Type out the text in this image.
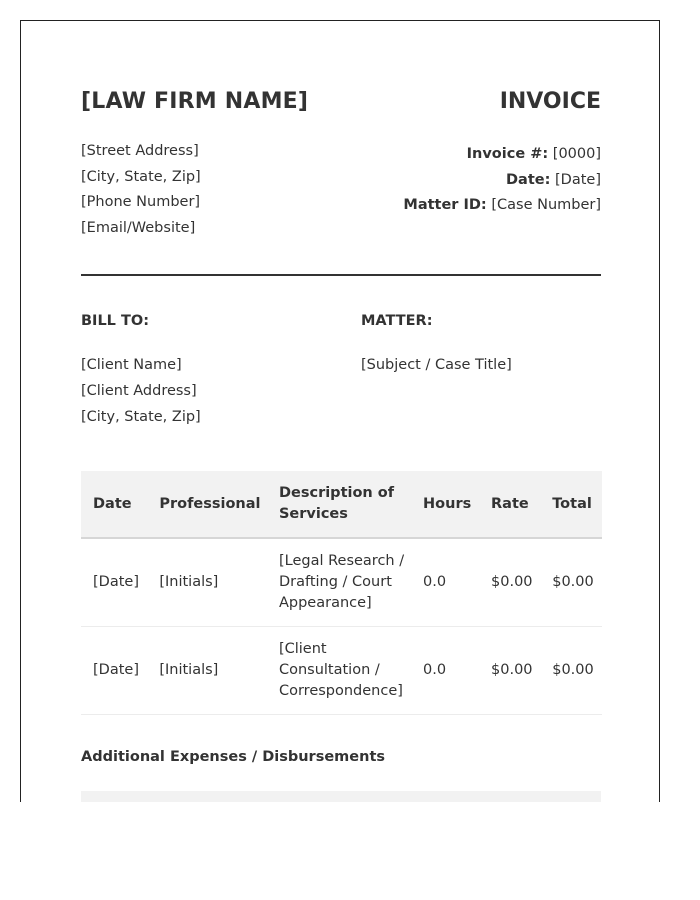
[LAW FIRM NAME]	INVOICE
[Street Address]
[City, State, Zip]
[Phone Number]
[Email/Website]
Invoice #: [0000]
Date: [Date]
Matter ID: [Case Number]
BILL TO:
[Client Name]
[Client Address]
[City, State, Zip]
MATTER:
[Subject / Case Title]
Date	Professional	Description of Services	Hours	Rate	Total
[Date]	[Initials]	[Legal Research / Drafting / Court Appearance]	0.0	$0.00	$0.00
[Date]	[Initials]	[Client Consultation / Correspondence]	0.0	$0.00	$0.00
Additional Expenses / Disbursements
